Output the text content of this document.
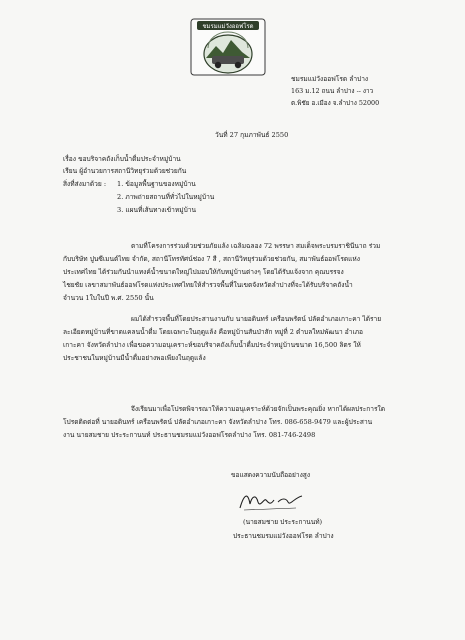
ชมรมแม่วังออฟโรด
ชมรมแม่วังออฟโรด ลำปาง
163 ม.12 ถนน ลำปาง -- งาว
ต.พิชัย อ.เมือง จ.ลำปาง 52000
วันที่ 27 กุมภาพันธ์ 2550
เรื่อง ขอบริจาคถังเก็บน้ำดื่มประจำหมู่บ้าน
เรียน ผู้อำนวยการสถานีวิทยุร่วมด้วยช่วยกัน
สิ่งที่ส่งมาด้วย : 1. ข้อมูลพื้นฐานของหมู่บ้าน
2. ภาพถ่ายสถานที่ทั่วไปในหมู่บ้าน
3. แผนที่เส้นทางเข้าหมู่บ้าน
ตามที่โครงการร่วมด้วยช่วยภัยแล้ง เฉลิมฉลอง 72 พรรษา สมเด็จพระบรมราชินีนาถ ร่วม
กับบริษัท ปูนซีเมนต์ไทย จำกัด, สถานีโทรทัศน์ช่อง 7 สี , สถานีวิทยุร่วมด้วยช่วยกัน, สมาพันธ์ออฟโรดแห่ง
ประเทศไทย ได้ร่วมกันนำแทงค์น้ำขนาดใหญ่ไปมอบให้กับหมู่บ้านต่างๆ โดยได้รับแจ้งจาก คุณบรรจง
ไชยชัย เลขาสมาพันธ์ออฟโรดแห่งประเทศไทยให้สำรวจพื้นที่ในเขตจังหวัดลำปางที่จะได้รับบริจาคถังน้ำ
จำนวน 1ใบในปี พ.ศ. 2550 นั้น
ผมได้สำรวจพื้นที่โดยประสานงานกับ นายอดินทร์ เครือนพรัตน์ ปลัดอำเภอเกาะคา ได้ราย
ละเอียดหมู่บ้านที่ขาดแคลนน้ำดื่ม โดยเฉพาะในฤดูแล้ง คือหมู่บ้านสันป่าสัก หมู่ที่ 2 ตำบลใหม่พัฒนา อำเภอ
เกาะคา จังหวัดลำปาง เพื่อขอความอนุเคราะห์ขอบริจาคถังเก็บน้ำดื่มประจำหมู่บ้านขนาด 16,500 ลิตร ให้
ประชาชนในหมู่บ้านมีน้ำดื่มอย่างพอเพียงในฤดูแล้ง
จึงเรียนมาเพื่อโปรดพิจารณาให้ความอนุเคราะห์ด้วยจักเป็นพระคุณยิ่ง หากได้ผลประการใด
โปรดติดต่อที่ นายอดินทร์ เครือนพรัตน์ ปลัดอำเภอเกาะคา จังหวัดลำปาง โทร. 086-658-9479 และผู้ประสาน
งาน นายสมชาย ประระกานนท์ ประธานชมรมแม่วังออฟโรดลำปาง โทร. 081-746-2498
ขอแสดงความนับถืออย่างสูง
(นายสมชาย ประระกานนท์)
ประธานชมรมแม่วังออฟโรด ลำปาง
